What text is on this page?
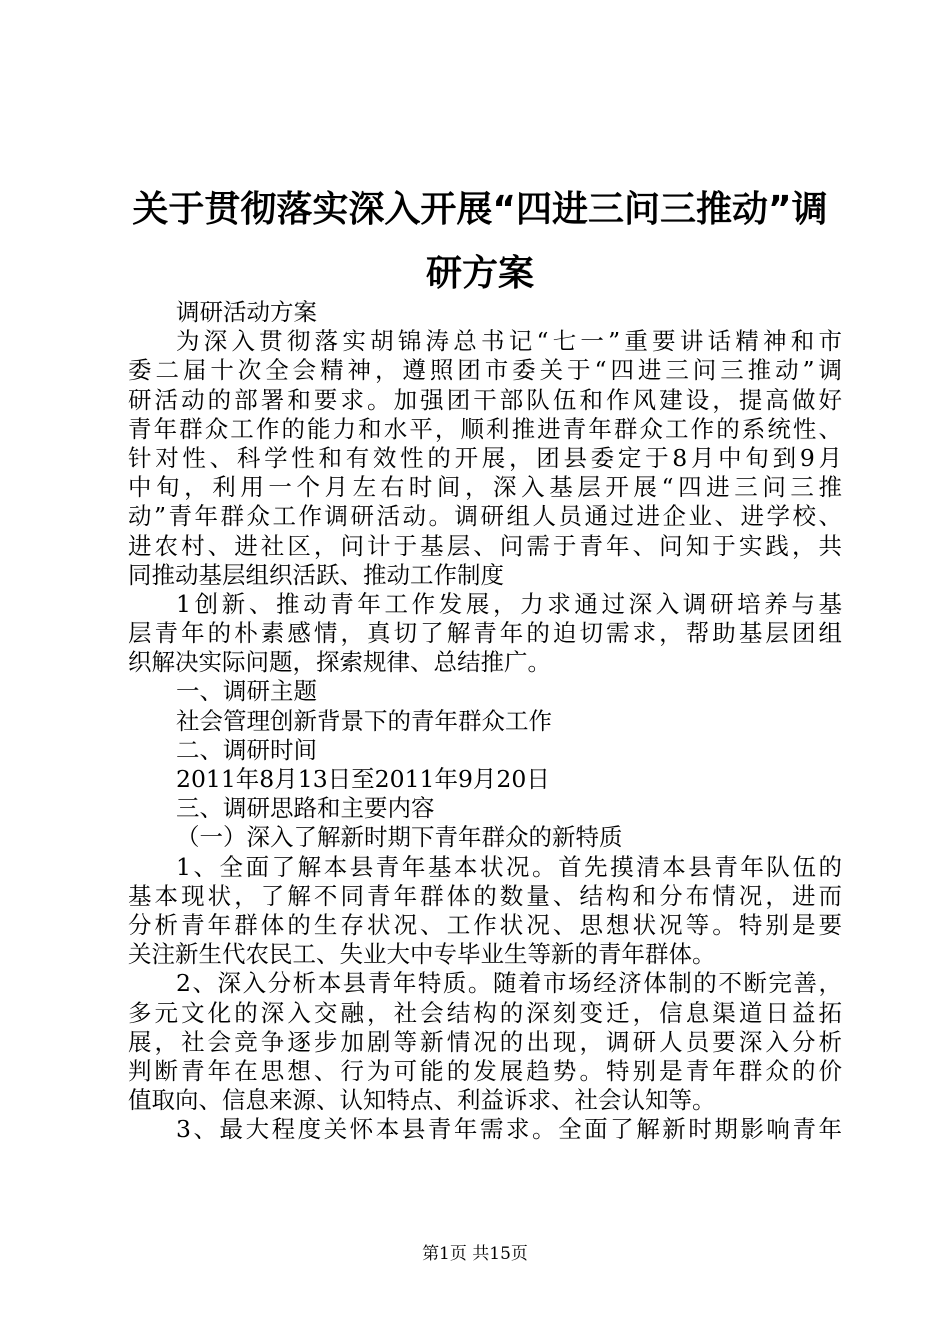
关于贯彻落实深入开展“四进三问三推动”调
研方案
调研活动方案
为深入贯彻落实胡锦涛总书记“七一”重要讲话精神和市
委二届十次全会精神，遵照团市委关于“四进三问三推动”调
研活动的部署和要求。加强团干部队伍和作风建设，提高做好
青年群众工作的能力和水平，顺利推进青年群众工作的系统性、
针对性、科学性和有效性的开展，团县委定于8月中旬到9月
中旬，利用一个月左右时间，深入基层开展“四进三问三推
动”青年群众工作调研活动。调研组人员通过进企业、进学校、
进农村、进社区，问计于基层、问需于青年、问知于实践，共
同推动基层组织活跃、推动工作制度
1创新、推动青年工作发展，力求通过深入调研培养与基
层青年的朴素感情，真切了解青年的迫切需求，帮助基层团组
织解决实际问题，探索规律、总结推广。
一、调研主题
社会管理创新背景下的青年群众工作
二、调研时间
2011年8月13日至2011年9月20日
三、调研思路和主要内容
（一）深入了解新时期下青年群众的新特质
1、全面了解本县青年基本状况。首先摸清本县青年队伍的
基本现状，了解不同青年群体的数量、结构和分布情况，进而
分析青年群体的生存状况、工作状况、思想状况等。特别是要
关注新生代农民工、失业大中专毕业生等新的青年群体。
2、深入分析本县青年特质。随着市场经济体制的不断完善，
多元文化的深入交融，社会结构的深刻变迁，信息渠道日益拓
展，社会竞争逐步加剧等新情况的出现，调研人员要深入分析
判断青年在思想、行为可能的发展趋势。特别是青年群众的价
值取向、信息来源、认知特点、利益诉求、社会认知等。
3、最大程度关怀本县青年需求。全面了解新时期影响青年
第1页 共15页
